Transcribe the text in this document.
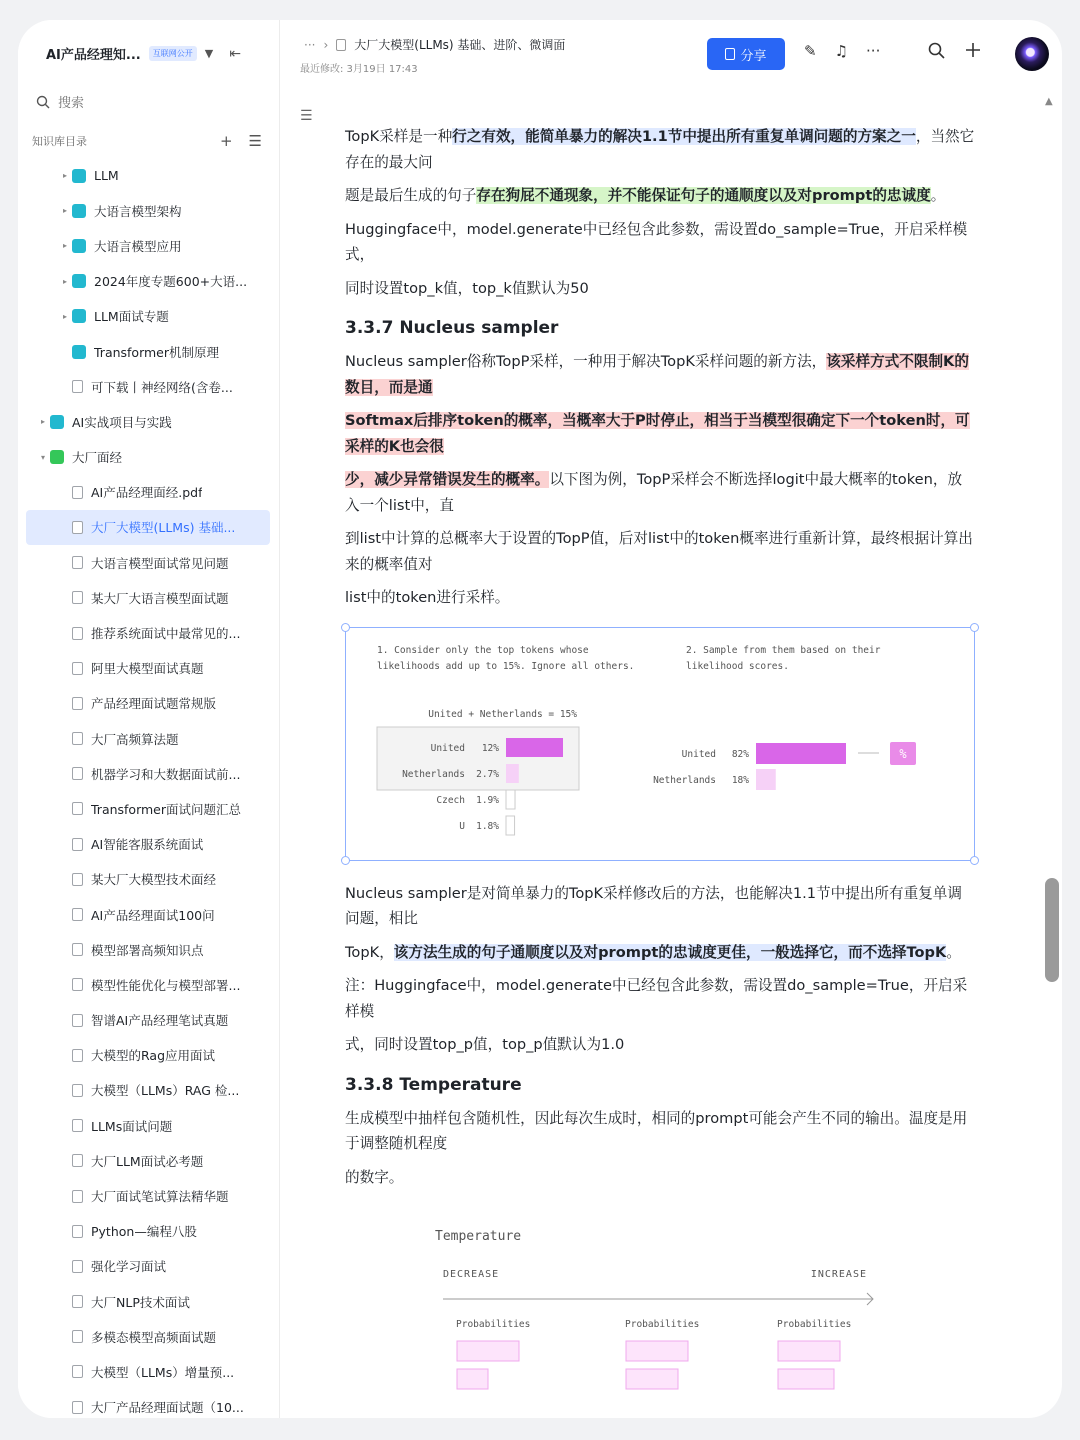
AI产品经理知...	互联网公开	▼ ⇤
搜索
知识库目录	+ ☰
▸	LLM
▸	大语言模型架构
▸	大语言模型应用
▸	2024年度专题600+大语...
▸	LLM面试专题
Transformer机制原理
可下载丨神经网络(含卷...
▸	AI实战项目与实践
▾	大厂面经
AI产品经理面经.pdf
大厂大模型(LLMs) 基础...
大语言模型面试常见问题
某大厂大语言模型面试题
推荐系统面试中最常见的...
阿里大模型面试真题
产品经理面试题常规版
大厂高频算法题
机器学习和大数据面试前...
Transformer面试问题汇总
AI智能客服系统面试
某大厂大模型技术面经
AI产品经理面试100问
模型部署高频知识点
模型性能优化与模型部署...
智谱AI产品经理笔试真题
大模型的Rag应用面试
大模型（LLMs）RAG 检...
LLMs面试问题
大厂LLM面试必考题
大厂面试笔试算法精华题
Python—编程八股
强化学习面试
大厂NLP技术面试
多模态模型高频面试题
大模型（LLMs）增量预...
大厂产品经理面试题（10...
··· › 大厂大模型(LLMs) 基础、进阶、微调面
最近修改: 3月19日 17:43
分享	✎ ♫ ···
☰
▲

TopK采样是一种行之有效，能简单暴力的解决1.1节中提出所有重复单调问题的方案之一，当然它存在的最大问

题是最后生成的句子存在狗屁不通现象，并不能保证句子的通顺度以及对prompt的忠诚度。

Huggingface中，model.generate中已经包含此参数，需设置do_sample=True，开启采样模式，

同时设置top_k值，top_k值默认为50

3.3.7 Nucleus sampler

Nucleus sampler俗称TopP采样，一种用于解决TopK采样问题的新方法，该采样方式不限制K的数目，而是通

Softmax后排序token的概率，当概率大于P时停止，相当于当模型很确定下一个token时，可采样的K也会很

少，减少异常错误发生的概率。以下图为例，TopP采样会不断选择logit中最大概率的token，放入一个list中，直

到list中计算的总概率大于设置的TopP值，后对list中的token概率进行重新计算，最终根据计算出来的概率值对

list中的token进行采样。

1. Consider only the top tokens whose
likelihoods add up to 15%. Ignore all others.
2. Sample from them based on their
likelihood scores.
United + Netherlands = 15%
United 12%
Netherlands 2.7%
Czech 1.9%
U 1.8%
United 82%
Netherlands 18%
%

Nucleus sampler是对简单暴力的TopK采样修改后的方法，也能解决1.1节中提出所有重复单调问题，相比

TopK，该方法生成的句子通顺度以及对prompt的忠诚度更佳，一般选择它，而不选择TopK。

注：Huggingface中，model.generate中已经包含此参数，需设置do_sample=True，开启采样模

式，同时设置top_p值，top_p值默认为1.0

3.3.8 Temperature

生成模型中抽样包含随机性，因此每次生成时，相同的prompt可能会产生不同的输出。温度是用于调整随机程度

的数字。

Temperature
DECREASE	INCREASE
Probabilities	Probabilities	Probabilities
